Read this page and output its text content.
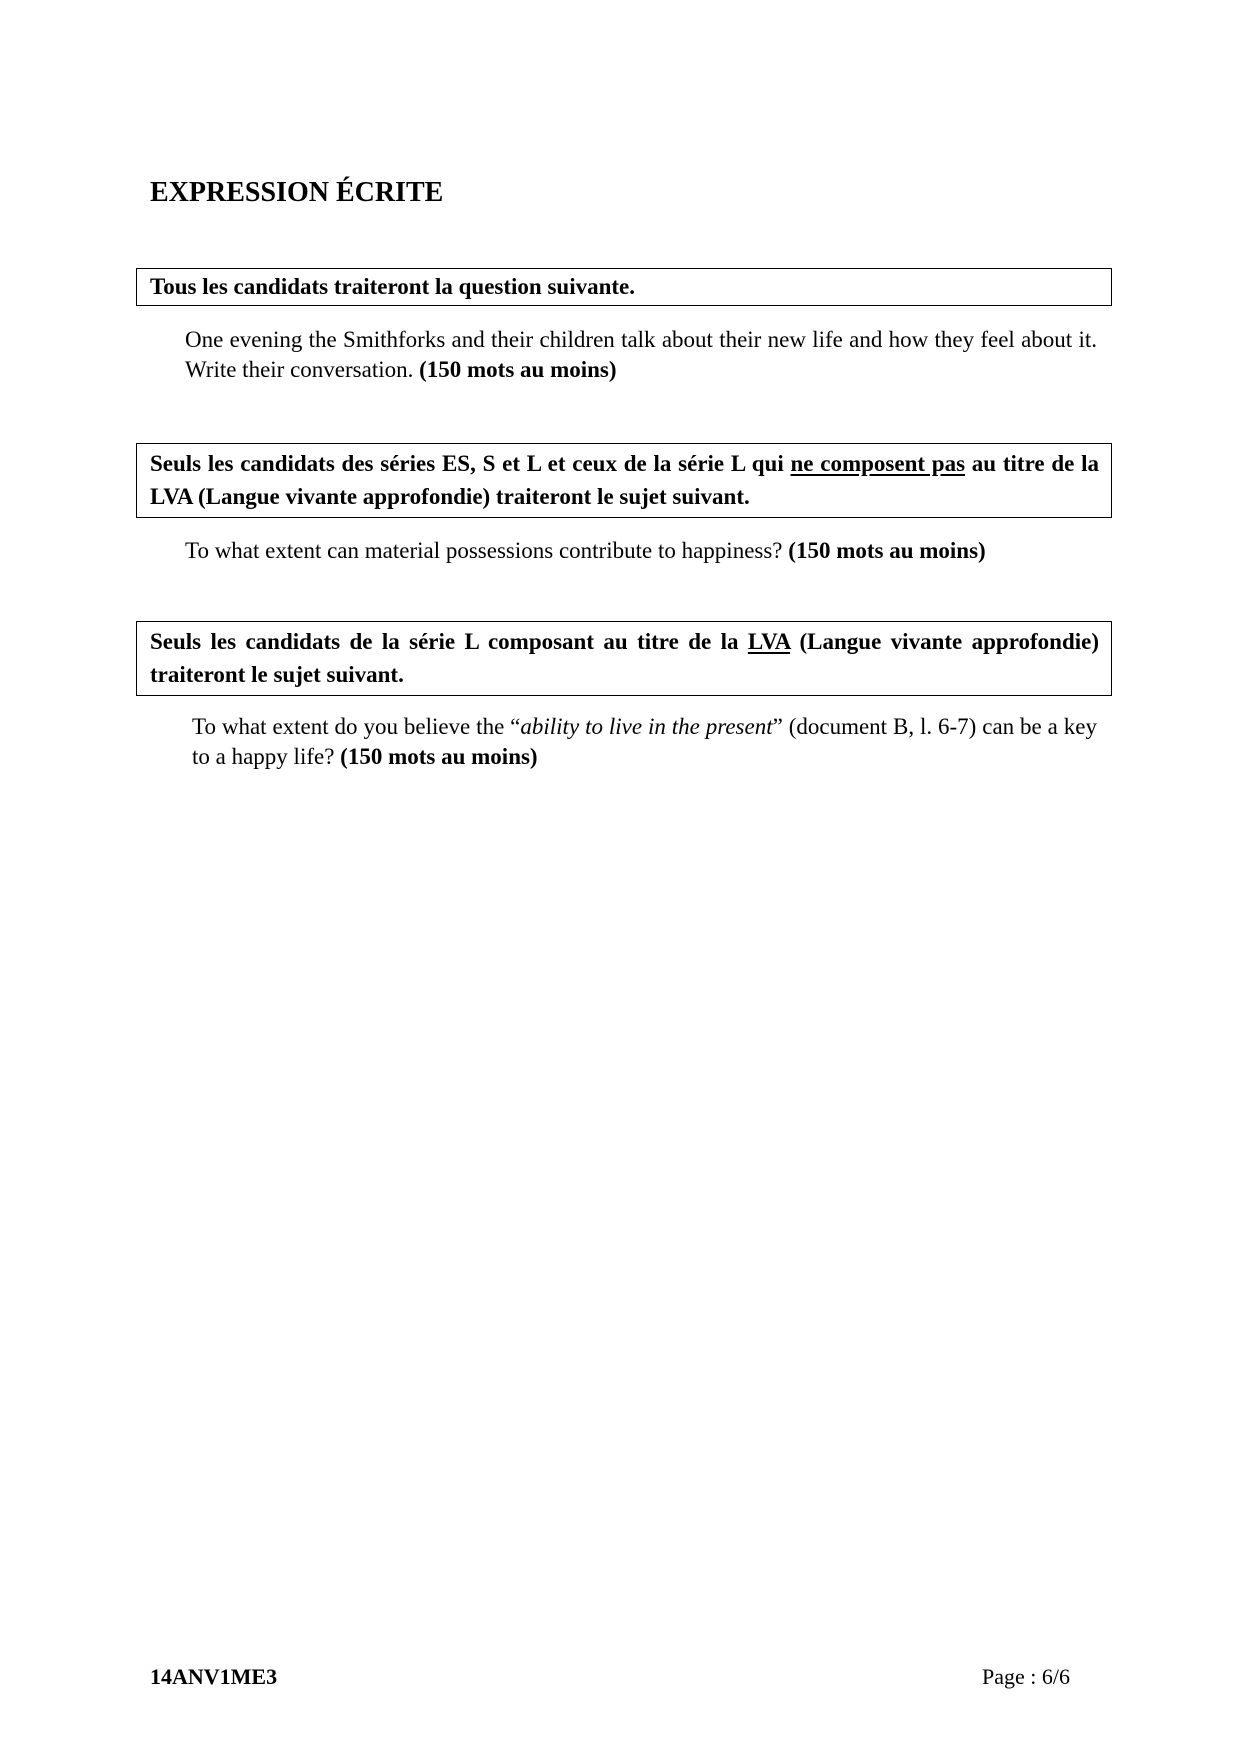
EXPRESSION ÉCRITE
Tous les candidats traiteront la question suivante.

One evening the Smithforks and their children talk about their new life and how they feel about it. Write their conversation. (150 mots au moins)

Seuls les candidats des séries ES, S et L et ceux de la série L qui ne composent pas au titre de la LVA (Langue vivante approfondie) traiteront le sujet suivant.

To what extent can material possessions contribute to happiness? (150 mots au moins)

Seuls les candidats de la série L composant au titre de la LVA (Langue vivante approfondie) traiteront le sujet suivant.

To what extent do you believe the “ability to live in the present” (document B, l. 6-7) can be a key to a happy life? (150 mots au moins)

14ANV1ME3	Page : 6/6
